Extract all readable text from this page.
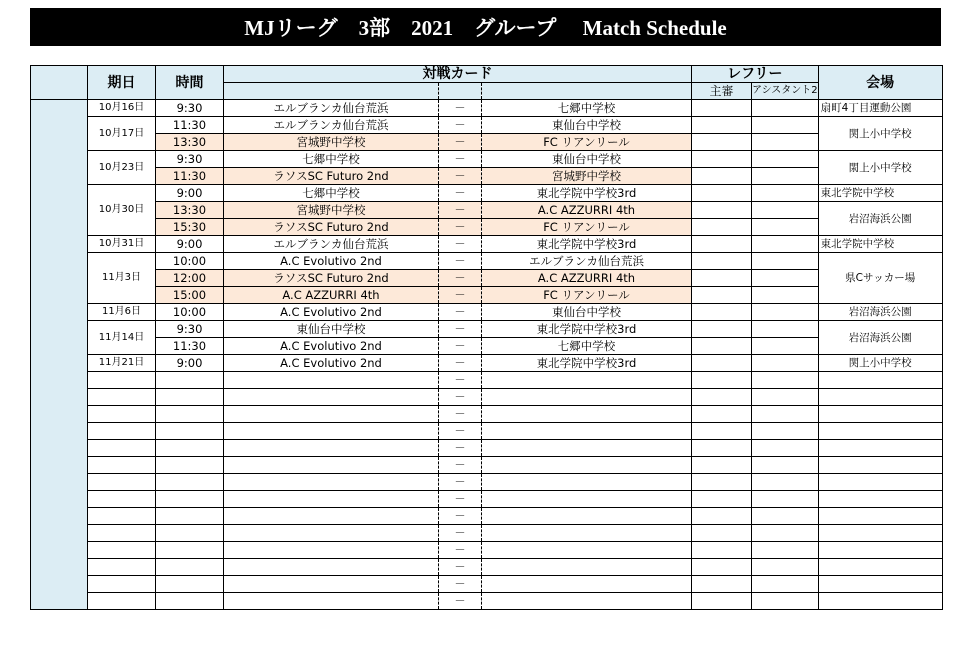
MJリーグ　3部　2021　グループ　 Match Schedule
	期日	時間	対戦カード			レフリー		会場
						主審	アシスタント2	
	10月16日	9:30	エルブランカ仙台荒浜	－	七郷中学校			扇町4丁目運動公園
	10月17日	11:30	エルブランカ仙台荒浜	－	東仙台中学校			関上小中学校
		13:30	宮城野中学校	－	FC リアンリール			
	10月23日	9:30	七郷中学校	－	東仙台中学校			閖上小中学校
		11:30	ラソスSC Futuro 2nd	－	宮城野中学校			
	10月30日	9:00	七郷中学校	－	東北学院中学校3rd			東北学院中学校
		13:30	宮城野中学校	－	A.C AZZURRI 4th			岩沼海浜公園
		15:30	ラソスSC Futuro 2nd	－	FC リアンリール			
	10月31日	9:00	エルブランカ仙台荒浜	－	東北学院中学校3rd			東北学院中学校
	11月3日	10:00	A.C Evolutivo 2nd	－	エルブランカ仙台荒浜			県Cサッカー場
		12:00	ラソスSC Futuro 2nd	－	A.C AZZURRI 4th			
		15:00	A.C AZZURRI 4th	－	FC リアンリール			
	11月6日	10:00	A.C Evolutivo 2nd	－	東仙台中学校			岩沼海浜公園
	11月14日	9:30	東仙台中学校	－	東北学院中学校3rd			岩沼海浜公園
		11:30	A.C Evolutivo 2nd	－	七郷中学校			
	11月21日	9:00	A.C Evolutivo 2nd	－	東北学院中学校3rd			関上小中学校
				－				
				－				
				－				
				－				
				－				
				－				
				－				
				－				
				－				
				－				
				－				
				－				
				－				
				－				
